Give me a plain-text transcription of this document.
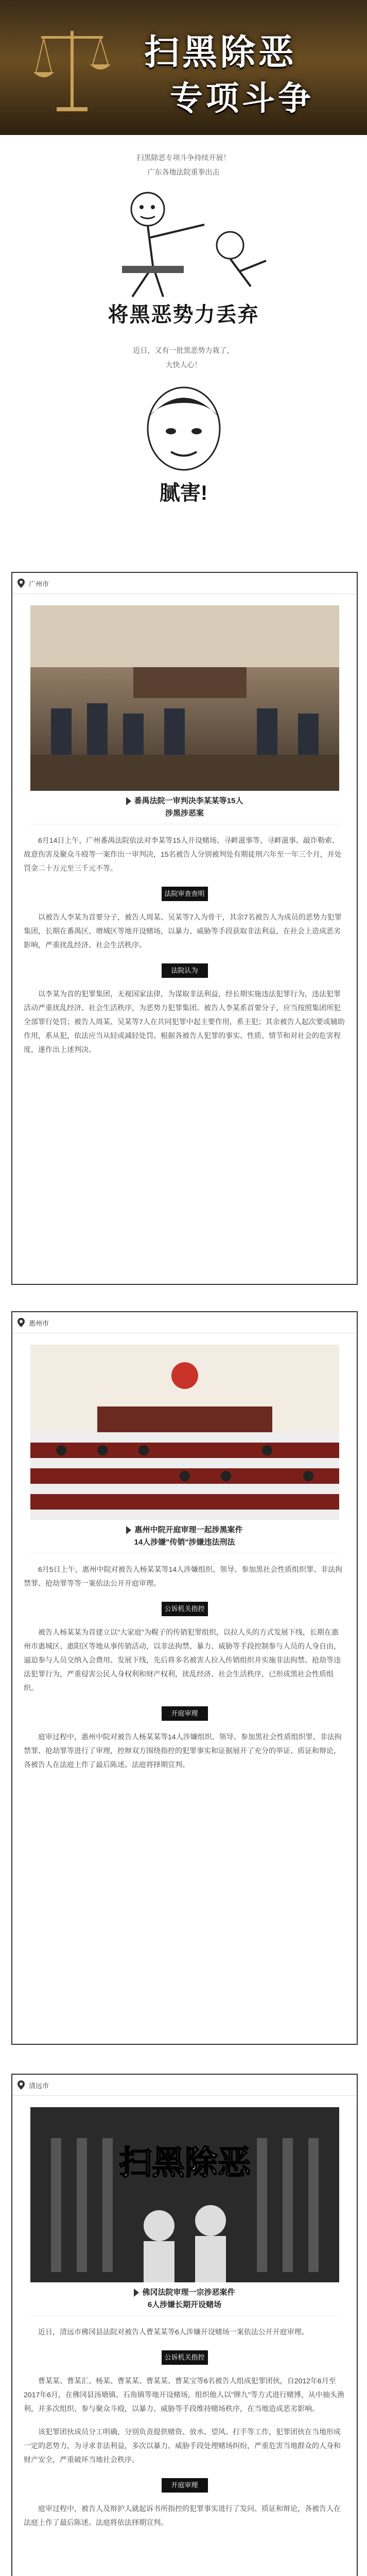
扫黑除恶
专项斗争
扫黑除恶专项斗争持续开展！
广东各地法院重拳出击
将黑恶势力丢弃
近日，又有一批黑恶势力栽了，
大快人心！
腻害!
广州市
番禺法院一审判决李某某等15人
涉黑涉恶案

6月14日上午，广州番禺法院依法对李某等15人开设赌场、寻衅滋事等、寻衅滋事、敲诈勒索、故意伤害及聚众斗殴等一案作出一审判决，15名被告人分别被判处有期徒刑六年至一年三个月，并处罚金二十万元至三千元不等。

法院审查查明

以被告人李某为首要分子，被告人周某、吴某等7人为骨干，其余7名被告人为成员的恶势力犯罪集团，长期在番禺区、增城区等地开设赌场，以暴力、威胁等手段获取非法利益，在社会上造成恶劣影响，严重扰乱经济、社会生活秩序。

法院认为

以李某为首的犯罪集团，无视国家法律，为谋取非法利益，经长期实施违法犯罪行为，违法犯罪活动严重扰乱经济、社会生活秩序，为恶势力犯罪集团。被告人李某系首要分子，应当按照集团所犯全部罪行处罚；被告人周某、吴某等7人在共同犯罪中起主要作用，系主犯；其余被告人起次要或辅助作用，系从犯，依法应当从轻或减轻处罚。根据各被告人犯罪的事实、性质、情节和对社会的危害程度，遂作出上述判决。

惠州市
惠州中院开庭审理一起涉黑案件
14人涉嫌"传销"涉嫌违法刑法

6月5日上午，惠州中院对被告人杨某某等14人涉嫌组织、领导、参加黑社会性质组织罪、非法拘禁罪、抢劫罪等等一案依法公开开庭审理。

公诉机关指控

被告人杨某某为首建立以"大家庭"为幌子的传销犯罪组织，以拉人头的方式发展下线，长期在惠州市惠城区、惠阳区等地从事传销活动，以非法拘禁、暴力、威胁等手段控制参与人员的人身自由，逼迫参与人员交纳入会费用、发展下线，先后将多名被害人拉入传销组织并实施非法拘禁、抢劫等违法犯罪行为，严重侵害公民人身权利和财产权利，扰乱经济、社会生活秩序，已形成黑社会性质组织。

开庭审理

庭审过程中，惠州中院对被告人杨某某等14人涉嫌组织、领导、参加黑社会性质组织罪、非法拘禁罪、抢劫罪等进行了审理，控辩双方围绕指控的犯罪事实和证据展开了充分的举证、质证和辩论，各被告人在法庭上作了最后陈述。法庭将择期宣判。

清远市
扫黑除恶
佛冈法院审理一宗涉恶案件
6人涉嫌长期开设赌场

近日，清远市佛冈县法院对被告人曹某某等6人涉嫌开设赌场一案依法公开开庭审理。

公诉机关指控

曹某某、曹某汇、杨某、曹某某、曹某某、曹某宝等6名被告人组成犯罪团伙，自2012年6月至2017年6月，在佛冈县汤塘镇、石角镇等地开设赌场，组织他人以"牌九"等方式进行赌博，从中抽头渔利，并多次组织、参与聚众斗殴，以暴力、威胁等手段维持赌场秩序，在当地造成恶劣影响。

该犯罪团伙成员分工明确，分别负责提供赌资、放水、望风、打手等工作，犯罪团伙在当地形成一定的恶势力，为寻求非法利益，多次以暴力、威胁手段处理赌场纠纷，严重危害当地群众的人身和财产安全，严重破坏当地社会秩序。

开庭审理

庭审过程中，被告人及辩护人就起诉书所指控的犯罪事实进行了发问、质证和辩论，各被告人在法庭上作了最后陈述。法庭将依法择期宣判。
